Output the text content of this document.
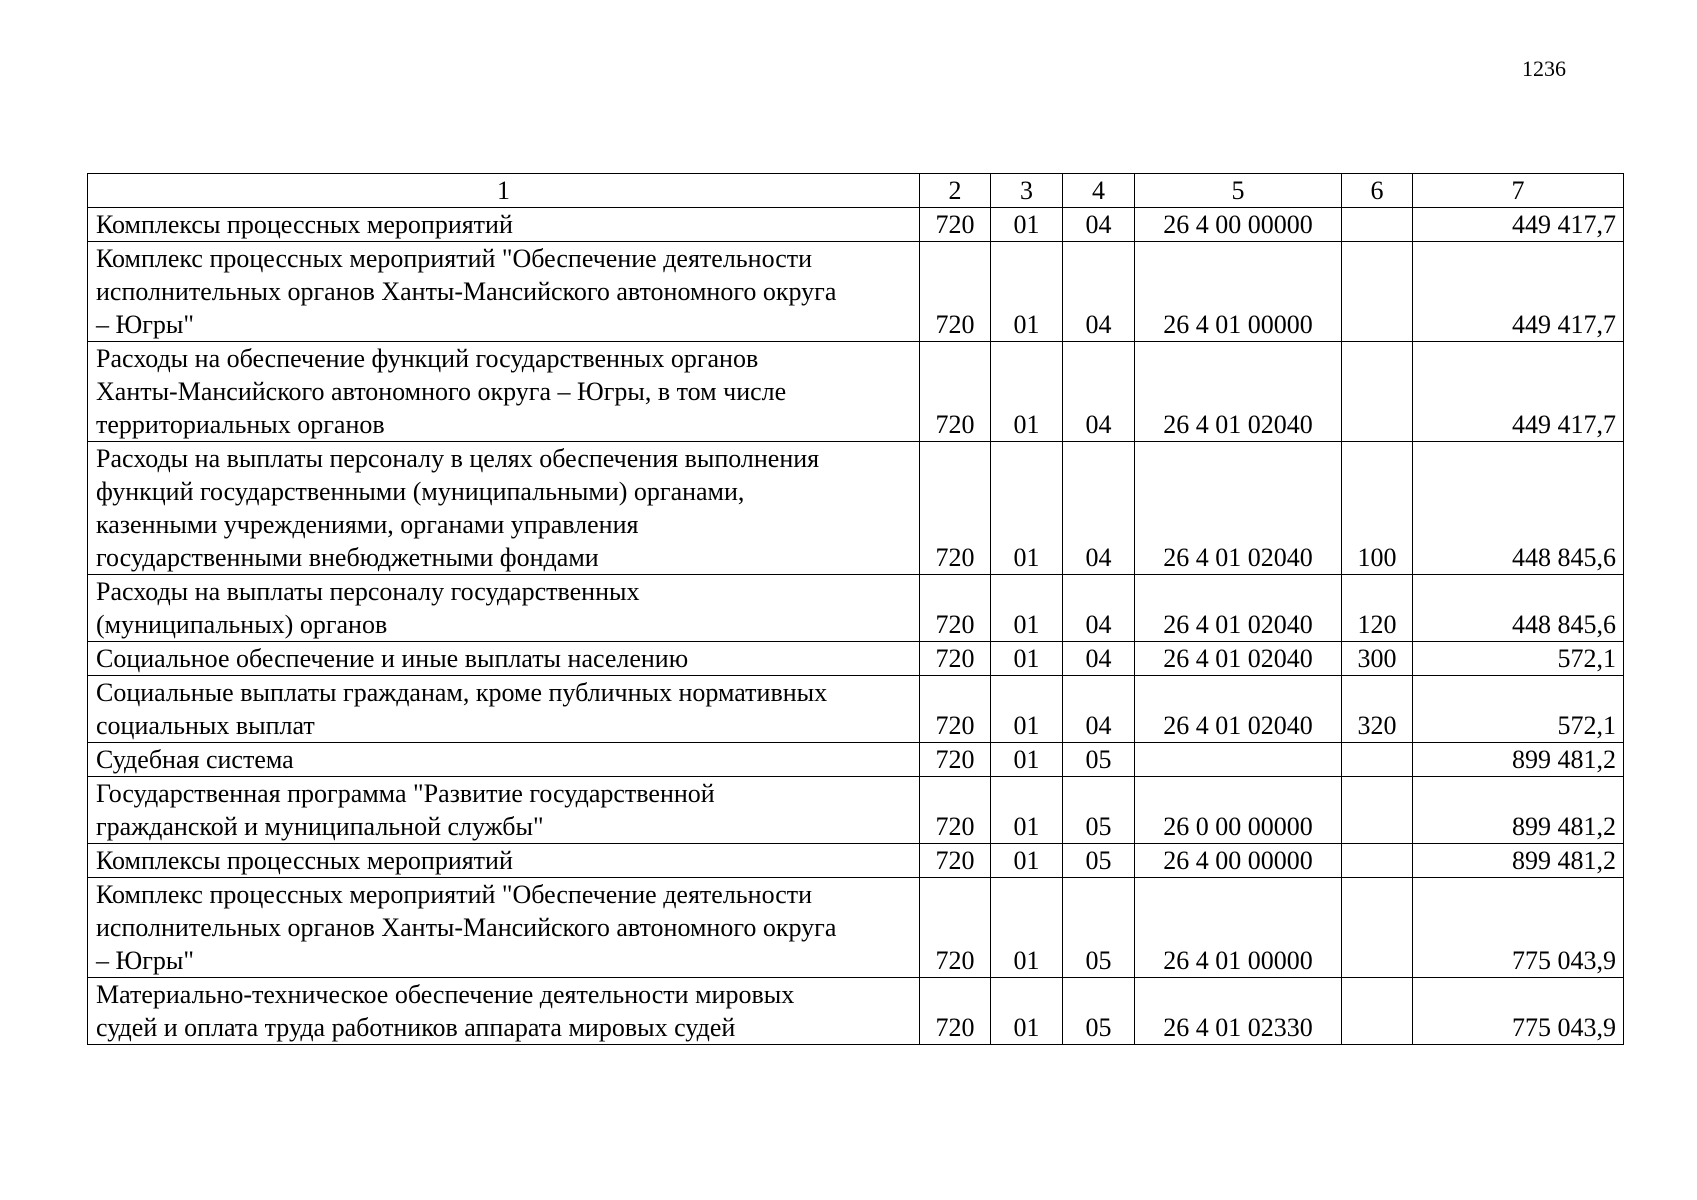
1236
1	2	3	4	5	6	7

Комплексы процессных мероприятий	720	01	04	26 4 00 00000		449 417,7

Комплекс процессных мероприятий "Обеспечение деятельности
исполнительных органов Ханты-Мансийского автономного округа
– Югры"	720	01	04	26 4 01 00000		449 417,7

Расходы на обеспечение функций государственных органов
Ханты-Мансийского автономного округа – Югры, в том числе
территориальных органов	720	01	04	26 4 01 02040		449 417,7

Расходы на выплаты персоналу в целях обеспечения выполнения
функций государственными (муниципальными) органами,
казенными учреждениями, органами управления
государственными внебюджетными фондами	720	01	04	26 4 01 02040	100	448 845,6

Расходы на выплаты персоналу государственных
(муниципальных) органов	720	01	04	26 4 01 02040	120	448 845,6

Социальное обеспечение и иные выплаты населению	720	01	04	26 4 01 02040	300	572,1

Социальные выплаты гражданам, кроме публичных нормативных
социальных выплат	720	01	04	26 4 01 02040	320	572,1

Судебная система	720	01	05			899 481,2

Государственная программа "Развитие государственной
гражданской и муниципальной службы"	720	01	05	26 0 00 00000		899 481,2

Комплексы процессных мероприятий	720	01	05	26 4 00 00000		899 481,2

Комплекс процессных мероприятий "Обеспечение деятельности
исполнительных органов Ханты-Мансийского автономного округа
– Югры"	720	01	05	26 4 01 00000		775 043,9

Материально-техническое обеспечение деятельности мировых
судей и оплата труда работников аппарата мировых судей	720	01	05	26 4 01 02330		775 043,9
